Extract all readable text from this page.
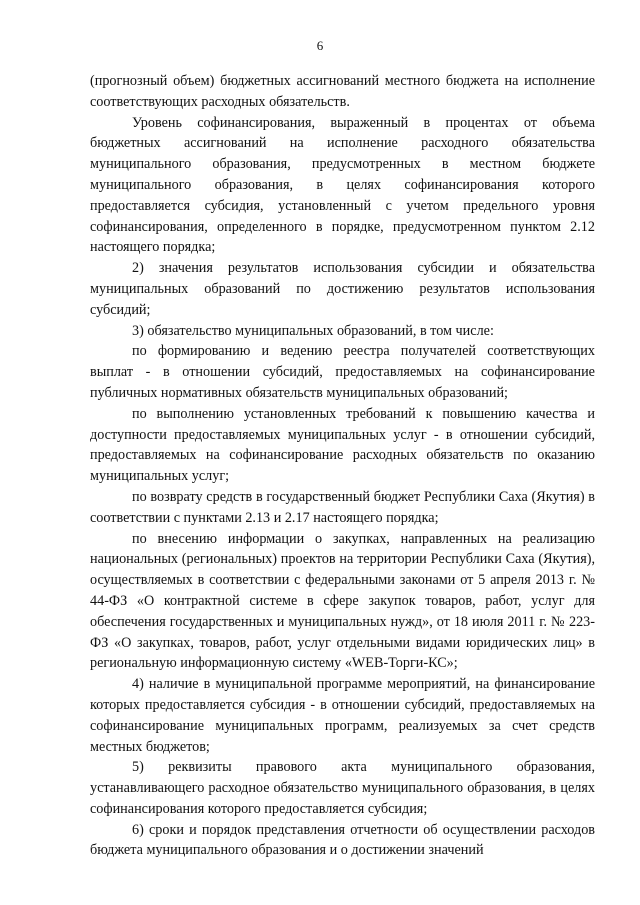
6

(прогнозный объем) бюджетных ассигнований местного бюджета на исполнение соответствующих расходных обязательств.

Уровень софинансирования, выраженный в процентах от объема бюджетных ассигнований на исполнение расходного обязательства муниципального образования, предусмотренных в местном бюджете муниципального образования, в целях софинансирования которого предоставляется субсидия, установленный с учетом предельного уровня софинансирования, определенного в порядке, предусмотренном пунктом 2.12 настоящего порядка;

2) значения результатов использования субсидии и обязательства муниципальных образований по достижению результатов использования субсидий;

3) обязательство муниципальных образований, в том числе:

по формированию и ведению реестра получателей соответствующих выплат - в отношении субсидий, предоставляемых на софинансирование публичных нормативных обязательств муниципальных образований;

по выполнению установленных требований к повышению качества и доступности предоставляемых муниципальных услуг - в отношении субсидий, предоставляемых на софинансирование расходных обязательств по оказанию муниципальных услуг;

по возврату средств в государственный бюджет Республики Саха (Якутия) в соответствии с пунктами 2.13 и 2.17 настоящего порядка;

по внесению информации о закупках, направленных на реализацию национальных (региональных) проектов на территории Республики Саха (Якутия), осуществляемых в соответствии с федеральными законами от 5 апреля 2013 г. № 44-ФЗ «О контрактной системе в сфере закупок товаров, работ, услуг для обеспечения государственных и муниципальных нужд», от 18 июля 2011 г. № 223-ФЗ «О закупках, товаров, работ, услуг отдельными видами юридических лиц» в региональную информационную систему «WEB-Торги-КС»;

4) наличие в муниципальной программе мероприятий, на финансирование которых предоставляется субсидия - в отношении субсидий, предоставляемых на софинансирование муниципальных программ, реализуемых за счет средств местных бюджетов;

5) реквизиты правового акта муниципального образования, устанавливающего расходное обязательство муниципального образования, в целях софинансирования которого предоставляется субсидия;

6) сроки и порядок представления отчетности об осуществлении расходов бюджета муниципального образования и о достижении значений
